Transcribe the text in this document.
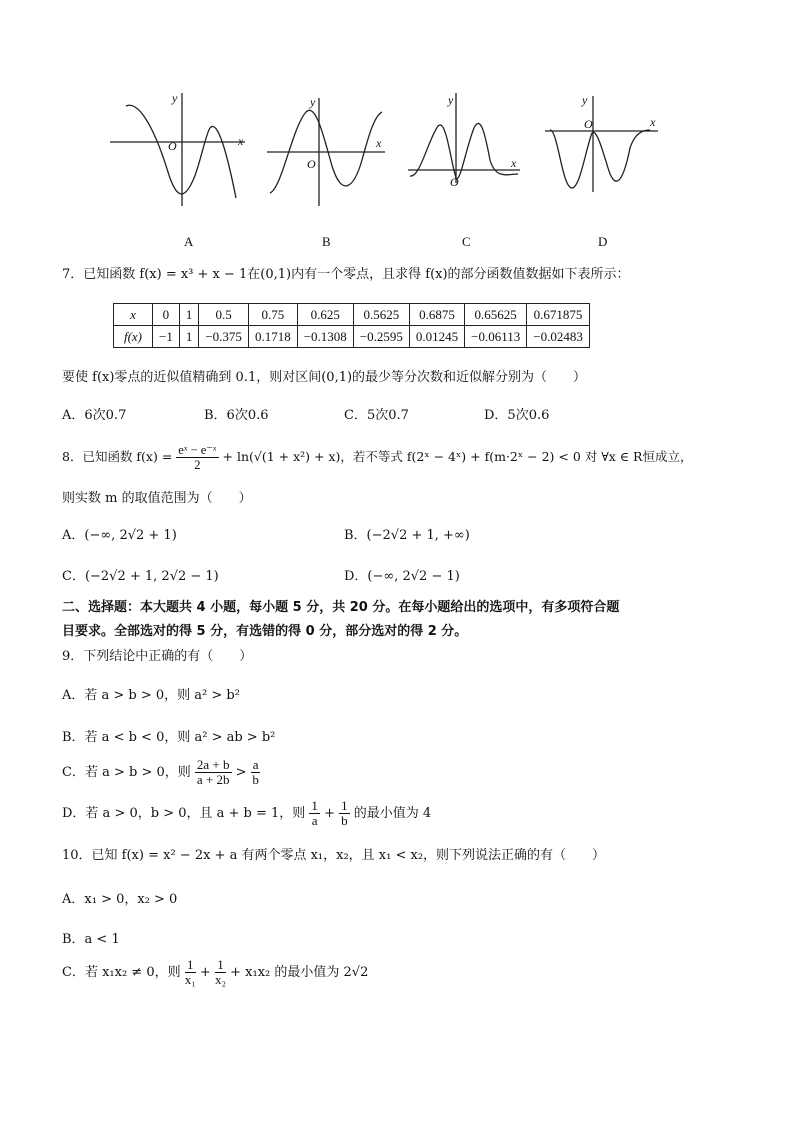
y
x
O
y
x
O
y
x
O
y
x
O
A	B	C	D
7．已知函数 f(x) = x³ + x − 1在(0,1)内有一个零点，且求得 f(x)的部分函数值数据如下表所示：
x	0	1	0.5	0.75	0.625	0.5625	0.6875	0.65625	0.671875
f(x)	−1	1	−0.375	0.1718	−0.1308	−0.2595	0.01245	−0.06113	−0.02483
要使 f(x)零点的近似值精确到 0.1，则对区间(0,1)的最少等分次数和近似解分别为（　　）
A．6次0.7	B．6次0.6	C．5次0.7	D．5次0.6
8．已知函数 $f(x) = \frac{\text{eˣ − e⁻ˣ}}{2} + \ln(√(1 + x^2) + x)$，若不等式 f(2ˣ − 4ˣ) + f(m·2ˣ − 2) < 0 对 ∀x ∈ R恒成立，
则实数 m 的取值范围为（　　）
A．(−∞, 2√2 + 1)	B．(−2√2 + 1, +∞)
C．(−2√2 + 1, 2√2 − 1)	D．(−∞, 2√2 − 1)
二、选择题：本大题共 4 小题，每小题 5 分，共 20 分。在每小题给出的选项中，有多项符合题
目要求。全部选对的得 5 分，有选错的得 0 分，部分选对的得 2 分。
9．下列结论中正确的有（　　）
A．若 a > b > 0，则 a² > b²
B．若 a < b < 0，则 a² > ab > b²
C．若 a > b > 0，则 $\frac{2a + b}{a + 2b} > \frac{a}{b}$
D．若 a > 0，b > 0，且 a + b = 1，则 $\frac{1}{a} + \frac{1}{b}$ 的最小值为 4
10．已知 f(x) = x² − 2x + a 有两个零点 x₁，x₂，且 x₁ < x₂，则下列说法正确的有（　　）
A．x₁ > 0，x₂ > 0
B．a < 1
C．若 x₁x₂ ≠ 0，则 $\frac{1}{\text{x₁}} + \frac{1}{\text{x₂}} + x_1x_2$ 的最小值为 2√2
